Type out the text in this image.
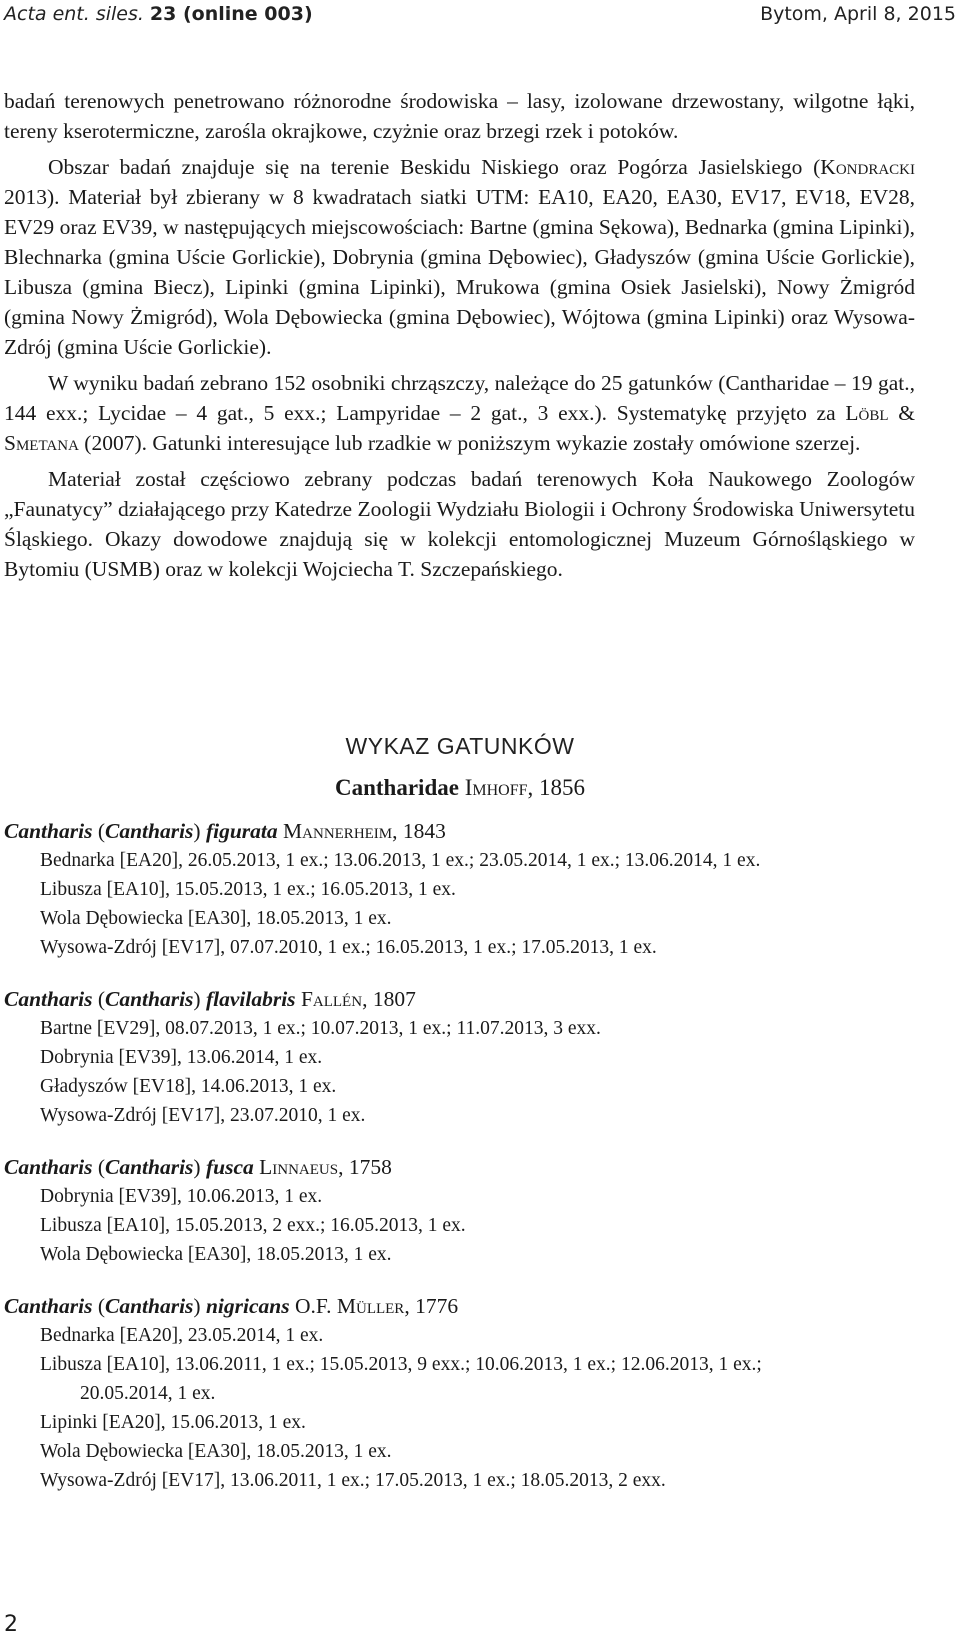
Acta ent. siles. 23 (online 003)	Bytom, April 8, 2015

badań terenowych penetrowano różnorodne środowiska – lasy, izolowane drzewostany, wilgotne łąki, tereny kserotermiczne, zarośla okrajkowe, czyżnie oraz brzegi rzek i potoków.

Obszar badań znajduje się na terenie Beskidu Niskiego oraz Pogórza Jasielskiego (Kondracki 2013). Materiał był zbierany w 8 kwadratach siatki UTM: EA10, EA20, EA30, EV17, EV18, EV28, EV29 oraz EV39, w następujących miejscowościach: Bartne (gmina Sękowa), Bednarka (gmina Lipinki), Blechnarka (gmina Uście Gorlickie), Dobrynia (gmina Dębowiec), Gładyszów (gmina Uście Gorlickie), Libusza (gmina Biecz), Lipinki (gmina Lipinki), Mrukowa (gmina Osiek Jasielski), Nowy Żmigród (gmina Nowy Żmigród), Wola Dębowiecka (gmina Dębowiec), Wójtowa (gmina Lipinki) oraz Wysowa-Zdrój (gmina Uście Gorlickie).

W wyniku badań zebrano 152 osobniki chrząszczy, należące do 25 gatunków (Cantharidae – 19 gat., 144 exx.; Lycidae – 4 gat., 5 exx.; Lampyridae – 2 gat., 3 exx.). Systematykę przyjęto za Löbl & Smetana (2007). Gatunki interesujące lub rzadkie w poniższym wykazie zostały omówione szerzej.

Materiał został częściowo zebrany podczas badań terenowych Koła Naukowego Zoologów „Faunatycy” działającego przy Katedrze Zoologii Wydziału Biologii i Ochrony Środowiska Uniwersytetu Śląskiego. Okazy dowodowe znajdują się w kolekcji entomologicznej Muzeum Górnośląskiego w Bytomiu (USMB) oraz w kolekcji Wojciecha T. Szczepańskiego.

WYKAZ GATUNKÓW
Cantharidae Imhoff, 1856

Cantharis (Cantharis) figurata Mannerheim, 1843

Bednarka [EA20], 26.05.2013, 1 ex.; 13.06.2013, 1 ex.; 23.05.2014, 1 ex.; 13.06.2014, 1 ex.

Libusza [EA10], 15.05.2013, 1 ex.; 16.05.2013, 1 ex.

Wola Dębowiecka [EA30], 18.05.2013, 1 ex.

Wysowa-Zdrój [EV17], 07.07.2010, 1 ex.; 16.05.2013, 1 ex.; 17.05.2013, 1 ex.

Cantharis (Cantharis) flavilabris Fallén, 1807

Bartne [EV29], 08.07.2013, 1 ex.; 10.07.2013, 1 ex.; 11.07.2013, 3 exx.

Dobrynia [EV39], 13.06.2014, 1 ex.

Gładyszów [EV18], 14.06.2013, 1 ex.

Wysowa-Zdrój [EV17], 23.07.2010, 1 ex.

Cantharis (Cantharis) fusca Linnaeus, 1758

Dobrynia [EV39], 10.06.2013, 1 ex.

Libusza [EA10], 15.05.2013, 2 exx.; 16.05.2013, 1 ex.

Wola Dębowiecka [EA30], 18.05.2013, 1 ex.

Cantharis (Cantharis) nigricans O.F. Müller, 1776

Bednarka [EA20], 23.05.2014, 1 ex.

Libusza [EA10], 13.06.2011, 1 ex.; 15.05.2013, 9 exx.; 10.06.2013, 1 ex.; 12.06.2013, 1 ex.;
20.05.2014, 1 ex.

Lipinki [EA20], 15.06.2013, 1 ex.

Wola Dębowiecka [EA30], 18.05.2013, 1 ex.

Wysowa-Zdrój [EV17], 13.06.2011, 1 ex.; 17.05.2013, 1 ex.; 18.05.2013, 2 exx.

2
